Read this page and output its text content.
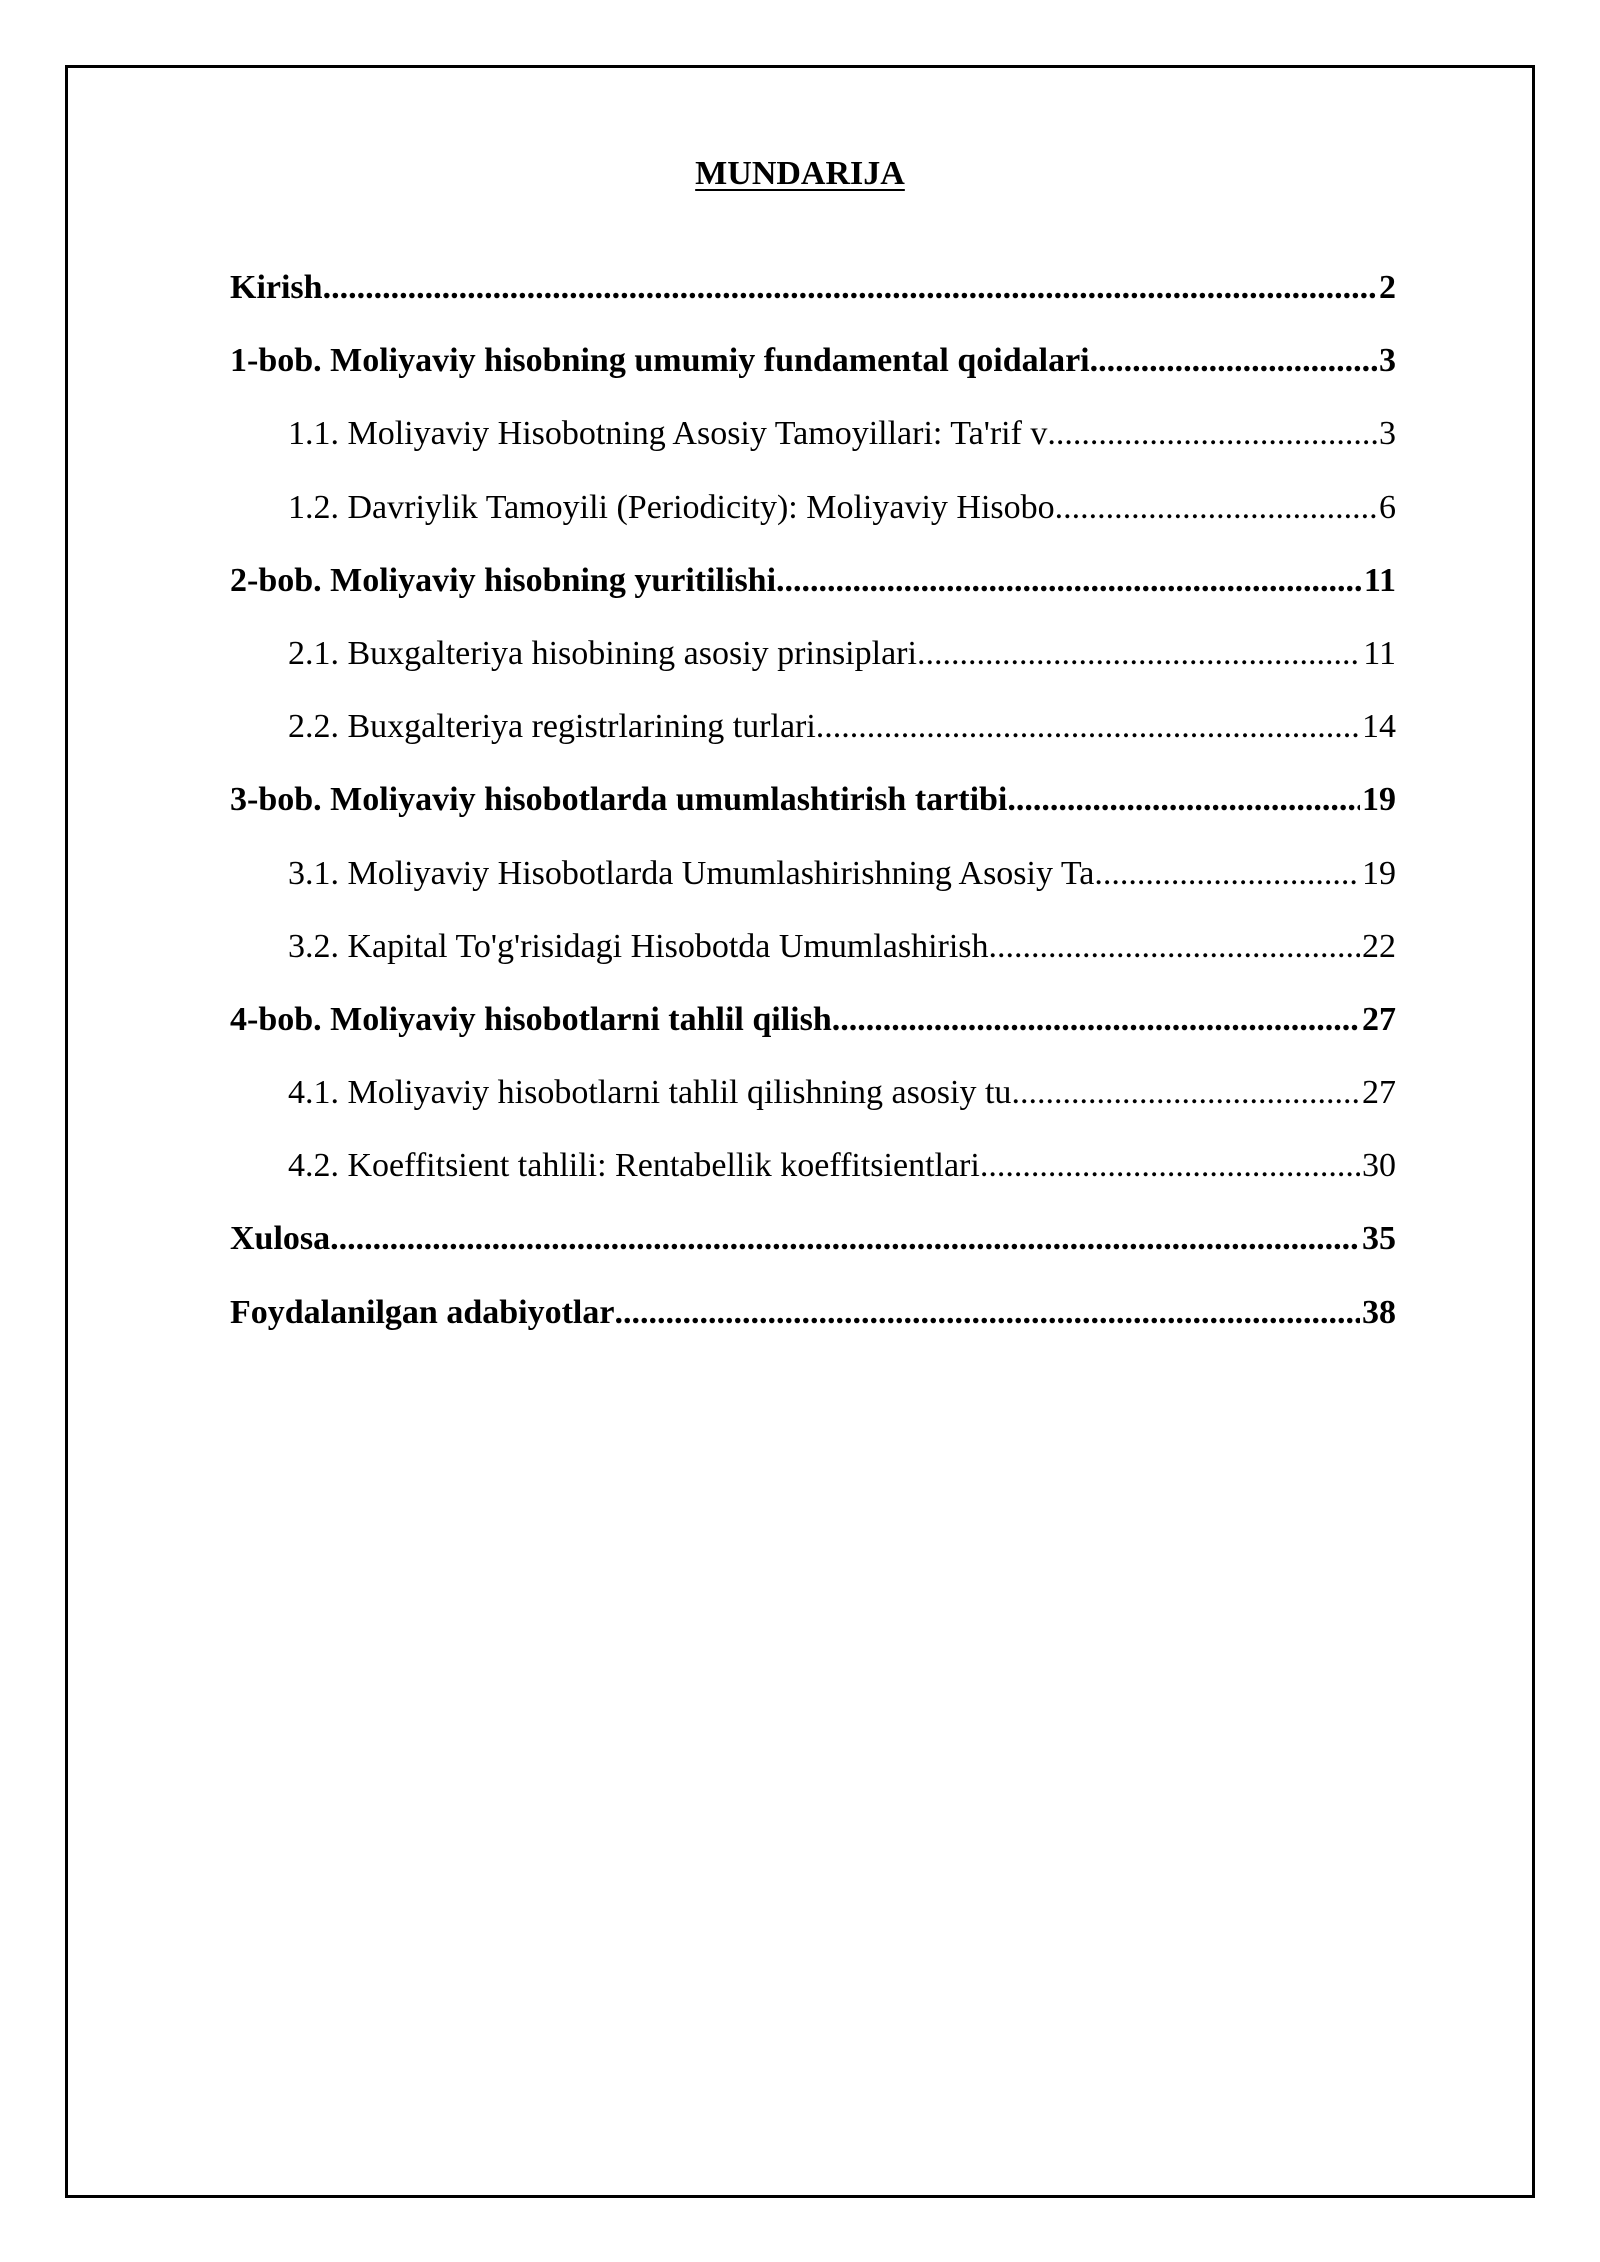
MUNDARIJA
Kirish .....	2
1-bob. Moliyaviy hisobning umumiy fundamental qoidalari .....	3
1.1. Moliyaviy Hisobotning Asosiy Tamoyillari: Ta'rif v .....	3
1.2. Davriylik Tamoyili (Periodicity): Moliyaviy Hisobo .....	6
2-bob. Moliyaviy hisobning yuritilishi .....	11
2.1. Buxgalteriya hisobining asosiy prinsiplari .....	11
2.2. Buxgalteriya registrlarining turlari .....	14
3-bob. Moliyaviy hisobotlarda umumlashtirish tartibi .....	19
3.1. Moliyaviy Hisobotlarda Umumlashirishning Asosiy Ta .....	19
3.2. Kapital To'g'risidagi Hisobotda Umumlashirish .....	22
4-bob. Moliyaviy hisobotlarni tahlil qilish .....	27
4.1. Moliyaviy hisobotlarni tahlil qilishning asosiy tu .....	27
4.2. Koeffitsient tahlili: Rentabellik koeffitsientlari .....	30
Xulosa .....	35
Foydalanilgan adabiyotlar .....	38
